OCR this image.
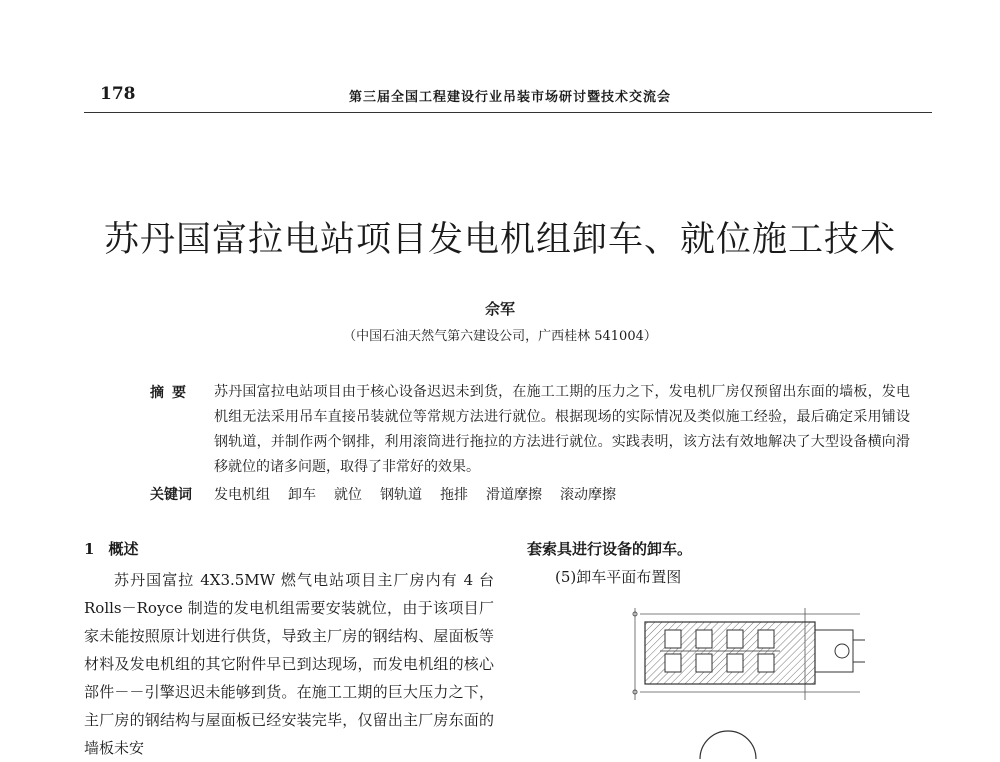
178	第三届全国工程建设行业吊装市场研讨暨技术交流会
苏丹国富拉电站项目发电机组卸车、就位施工技术
佘军
（中国石油天然气第六建设公司，广西桂林 541004）
摘要 苏丹国富拉电站项目由于核心设备迟迟未到货，在施工工期的压力之下，发电机厂房仅预留出东面的墙板，发电机组无法采用吊车直接吊装就位等常规方法进行就位。根据现场的实际情况及类似施工经验，最后确定采用铺设钢轨道，并制作两个钢排，利用滚筒进行拖拉的方法进行就位。实践表明，该方法有效地解决了大型设备横向滑移就位的诸多问题，取得了非常好的效果。
关键词 发电机组 卸车 就位 钢轨道 拖排 滑道摩擦 滚动摩擦
1 概述

苏丹国富拉 4X3.5MW 燃气电站项目主厂房内有 4 台 Rolls－Royce 制造的发电机组需要安装就位，由于该项目厂家未能按照原计划进行供货，导致主厂房的钢结构、屋面板等材料及发电机组的其它附件早已到达现场，而发电机组的核心部件－－引擎迟迟未能够到货。在施工工期的巨大压力之下，主厂房的钢结构与屋面板已经安装完毕，仅留出主厂房东面的墙板未安

套索具进行设备的卸车。
(5)卸车平面布置图
